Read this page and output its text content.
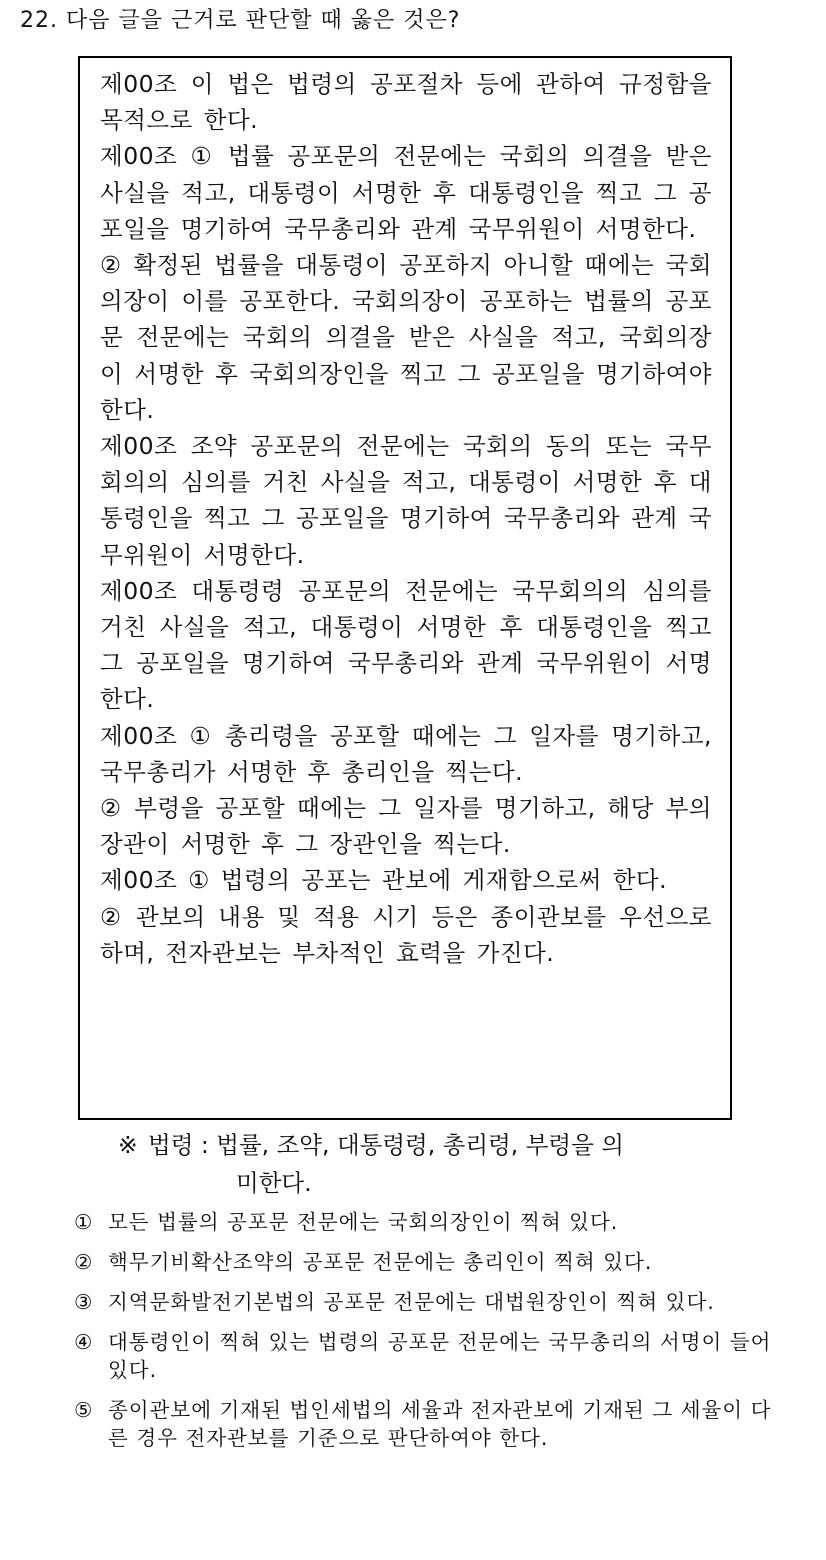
22. 다음 글을 근거로 판단할 때 옳은 것은?

제00조 이 법은 법령의 공포절차 등에 관하여 규정함을 목적으로 한다.

제00조 ① 법률 공포문의 전문에는 국회의 의결을 받은 사실을 적고, 대통령이 서명한 후 대통령인을 찍고 그 공포일을 명기하여 국무총리와 관계 국무위원이 서명한다.

② 확정된 법률을 대통령이 공포하지 아니할 때에는 국회의장이 이를 공포한다. 국회의장이 공포하는 법률의 공포문 전문에는 국회의 의결을 받은 사실을 적고, 국회의장이 서명한 후 국회의장인을 찍고 그 공포일을 명기하여야 한다.

제00조 조약 공포문의 전문에는 국회의 동의 또는 국무회의의 심의를 거친 사실을 적고, 대통령이 서명한 후 대통령인을 찍고 그 공포일을 명기하여 국무총리와 관계 국무위원이 서명한다.

제00조 대통령령 공포문의 전문에는 국무회의의 심의를 거친 사실을 적고, 대통령이 서명한 후 대통령인을 찍고 그 공포일을 명기하여 국무총리와 관계 국무위원이 서명한다.

제00조 ① 총리령을 공포할 때에는 그 일자를 명기하고, 국무총리가 서명한 후 총리인을 찍는다.

② 부령을 공포할 때에는 그 일자를 명기하고, 해당 부의 장관이 서명한 후 그 장관인을 찍는다.

제00조 ① 법령의 공포는 관보에 게재함으로써 한다.

② 관보의 내용 및 적용 시기 등은 종이관보를 우선으로 하며, 전자관보는 부차적인 효력을 가진다.

※ 법령 : 법률, 조약, 대통령령, 총리령, 부령을 의
미한다.
① 모든 법률의 공포문 전문에는 국회의장인이 찍혀 있다.
② 핵무기비확산조약의 공포문 전문에는 총리인이 찍혀 있다.
③ 지역문화발전기본법의 공포문 전문에는 대법원장인이 찍혀 있다.
④ 대통령인이 찍혀 있는 법령의 공포문 전문에는 국무총리의 서명이 들어 있다.
⑤ 종이관보에 기재된 법인세법의 세율과 전자관보에 기재된 그 세율이 다른 경우 전자관보를 기준으로 판단하여야 한다.
